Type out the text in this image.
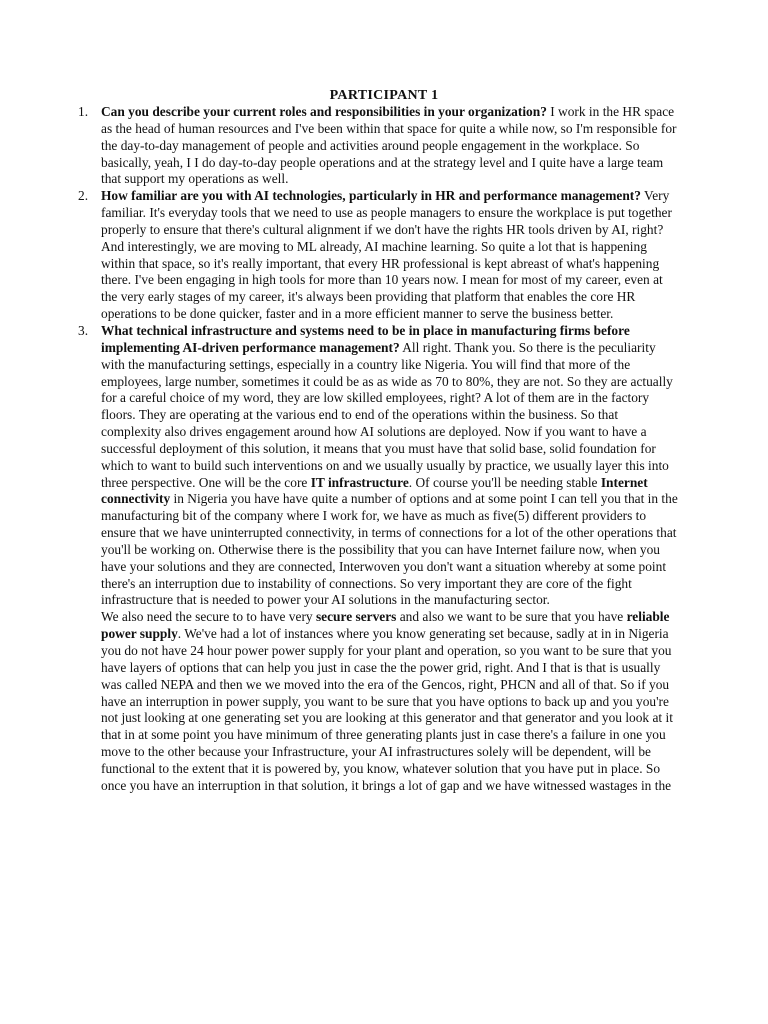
PARTICIPANT 1
1. Can you describe your current roles and responsibilities in your organization? I work in the HR space as the head of human resources and I've been within that space for quite a while now, so I'm responsible for the day-to-day management of people and activities around people engagement in the workplace. So basically, yeah, I I do day-to-day people operations and at the strategy level and I quite have a large team that support my operations as well.
2. How familiar are you with AI technologies, particularly in HR and performance management? Very familiar. It's everyday tools that we need to use as people managers to ensure the workplace is put together properly to ensure that there's cultural alignment if we don't have the rights HR tools driven by AI, right? And interestingly, we are moving to ML already, AI machine learning. So quite a lot that is happening within that space, so it's really important, that every HR professional is kept abreast of what's happening there. I've been engaging in high tools for more than 10 years now. I mean for most of my career, even at the very early stages of my career, it's always been providing that platform that enables the core HR operations to be done quicker, faster and in a more efficient manner to serve the business better.
3. What technical infrastructure and systems need to be in place in manufacturing firms before implementing AI-driven performance management? All right. Thank you. So there is the peculiarity with the manufacturing settings, especially in a country like Nigeria. You will find that more of the employees, large number, sometimes it could be as as wide as 70 to 80%, they are not. So they are actually for a careful choice of my word, they are low skilled employees, right? A lot of them are in the factory floors. They are operating at the various end to end of the operations within the business. So that complexity also drives engagement around how AI solutions are deployed. Now if you want to have a successful deployment of this solution, it means that you must have that solid base, solid foundation for which to want to build such interventions on and we usually usually by practice, we usually layer this into three perspective. One will be the core IT infrastructure. Of course you'll be needing stable Internet connectivity in Nigeria you have have quite a number of options and at some point I can tell you that in the manufacturing bit of the company where I work for, we have as much as five(5) different providers to ensure that we have uninterrupted connectivity, in terms of connections for a lot of the other operations that you'll be working on. Otherwise there is the possibility that you can have Internet failure now, when you have your solutions and they are connected, Interwoven you don't want a situation whereby at some point there's an interruption due to instability of connections. So very important they are core of the fight infrastructure that is needed to power your AI solutions in the manufacturing sector.
We also need the secure to to have very secure servers and also we want to be sure that you have reliable power supply. We've had a lot of instances where you know generating set because, sadly at in in Nigeria you do not have 24 hour power power supply for your plant and operation, so you want to be sure that you have layers of options that can help you just in case the the power grid, right. And I that is that is usually was called NEPA and then we we moved into the era of the Gencos, right, PHCN and all of that. So if you have an interruption in power supply, you want to be sure that you have options to back up and you you're not just looking at one generating set you are looking at this generator and that generator and you look at it that in at some point you have minimum of three generating plants just in case there's a failure in one you move to the other because your Infrastructure, your AI infrastructures solely will be dependent, will be functional to the extent that it is powered by, you know, whatever solution that you have put in place. So once you have an interruption in that solution, it brings a lot of gap and we have witnessed wastages in the
